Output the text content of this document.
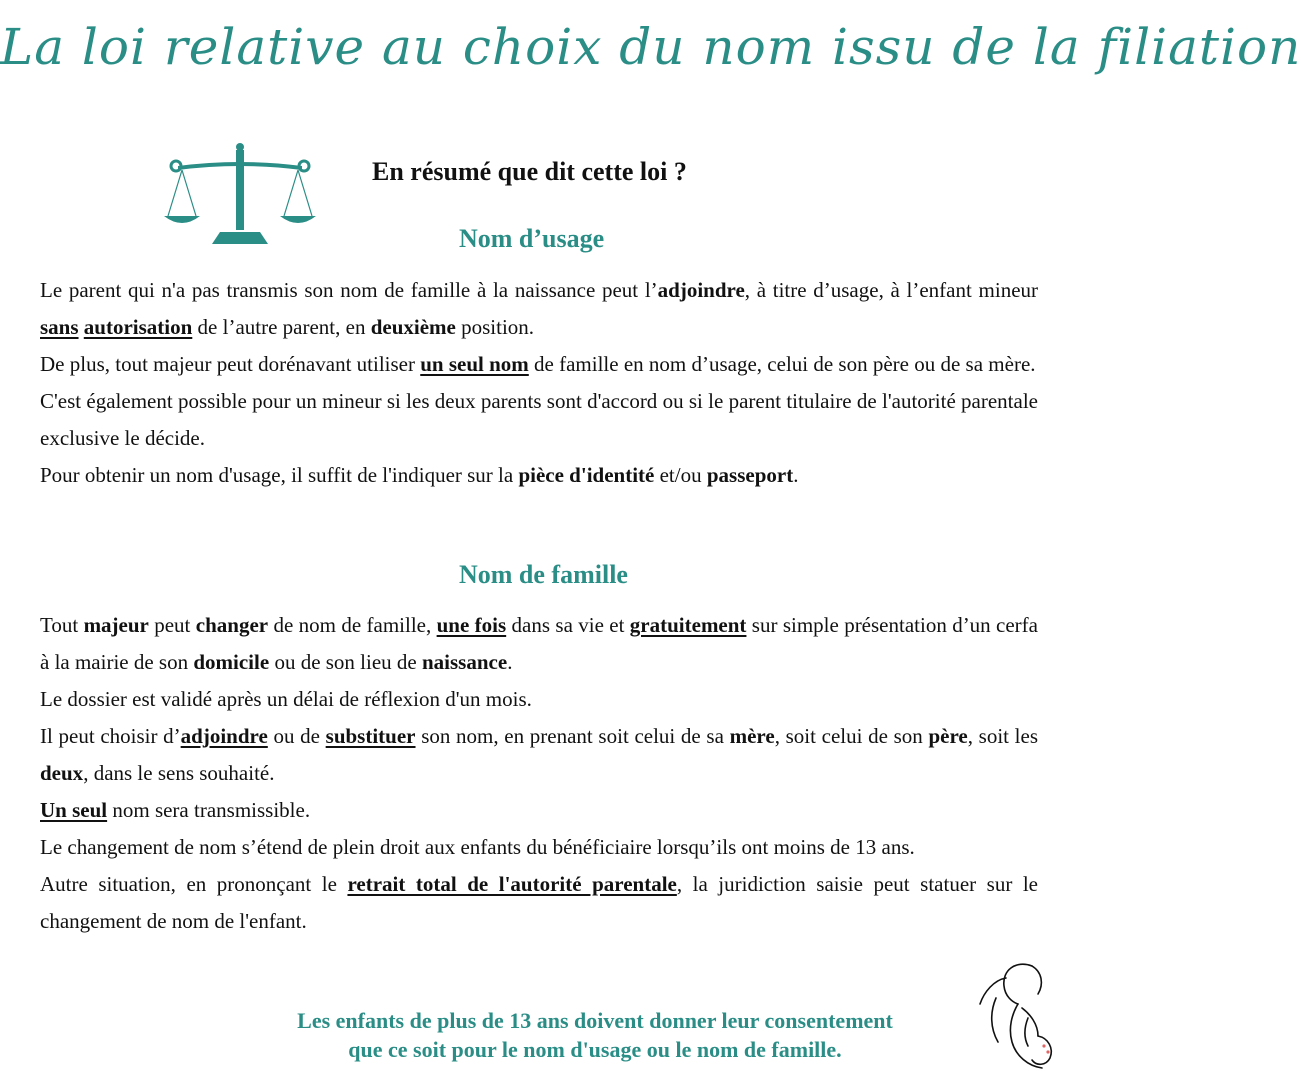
La loi relative au choix du nom issu de la filiation
En résumé que dit cette loi ?
Nom d’usage

Le parent qui n'a pas transmis son nom de famille à la naissance peut l’adjoindre, à titre d’usage, à l’enfant mineur sans autorisation de l’autre parent, en deuxième position.

De plus, tout majeur peut dorénavant utiliser un seul nom de famille en nom d’usage, celui de son père ou de sa mère.

C'est également possible pour un mineur si les deux parents sont d'accord ou si le parent titulaire de l'autorité parentale exclusive le décide.

Pour obtenir un nom d'usage, il suffit de l'indiquer sur la pièce d'identité et/ou passeport.

Nom de famille

Tout majeur peut changer de nom de famille, une fois dans sa vie et gratuitement sur simple présentation d’un cerfa à la mairie de son domicile ou de son lieu de naissance.

Le dossier est validé après un délai de réflexion d'un mois.

Il peut choisir d’adjoindre ou de substituer son nom, en prenant soit celui de sa mère, soit celui de son père, soit les deux, dans le sens souhaité.

Un seul nom sera transmissible.

Le changement de nom s’étend de plein droit aux enfants du bénéficiaire lorsqu’ils ont moins de 13 ans.

Autre situation, en prononçant le retrait total de l'autorité parentale, la juridiction saisie peut statuer sur le changement de nom de l'enfant.

Les enfants de plus de 13 ans doivent donner leur consentement
que ce soit pour le nom d'usage ou le nom de famille.
